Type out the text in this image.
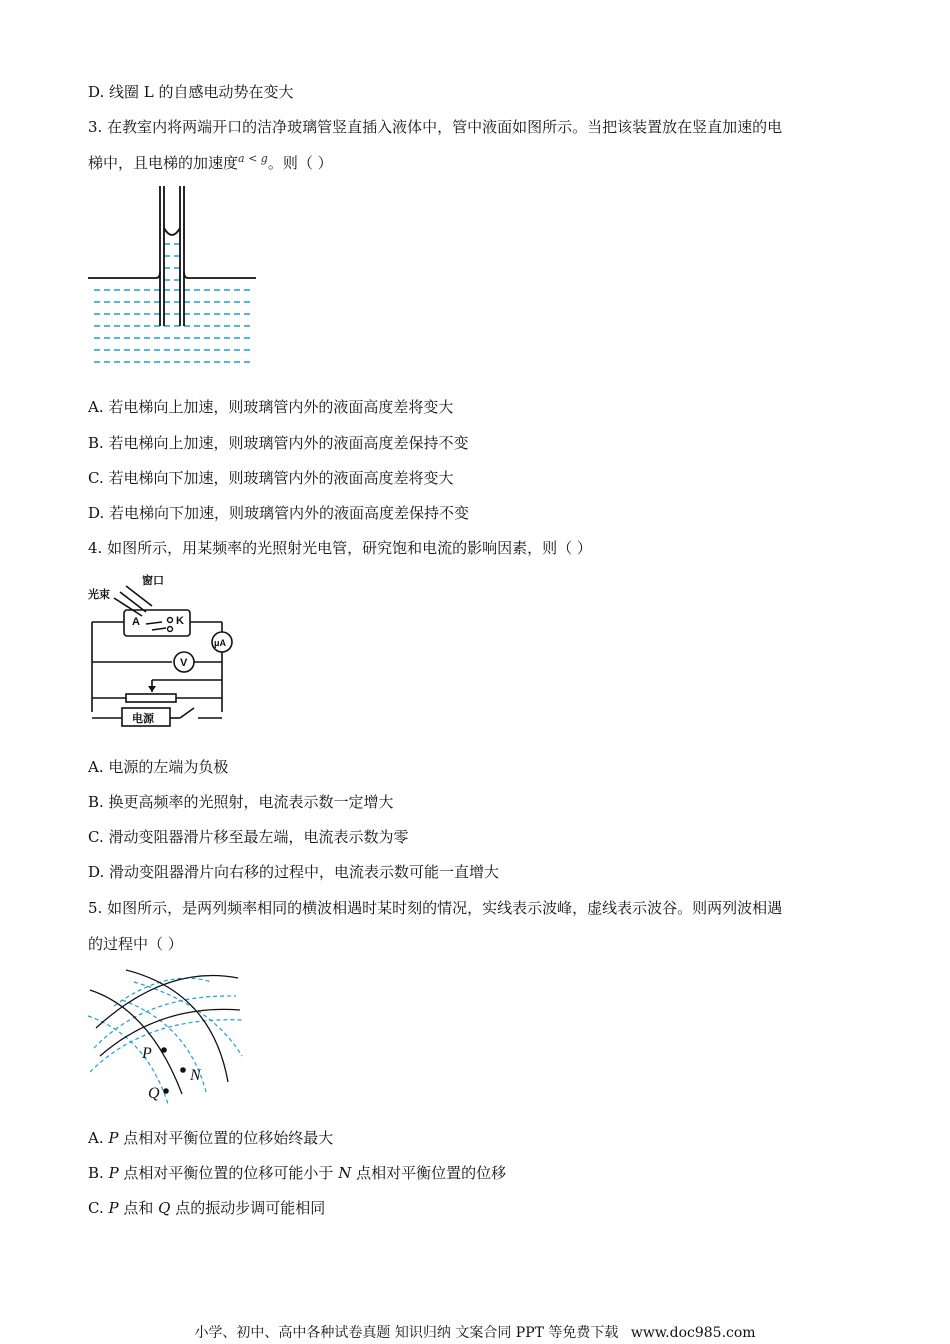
D. 线圈 L 的自感电动势在变大
3. 在教室内将两端开口的洁净玻璃管竖直插入液体中，管中液面如图所示。当把该装置放在竖直加速的电
梯中，且电梯的加速度$^{a < g}$。则（ ）
A. 若电梯向上加速，则玻璃管内外的液面高度差将变大
B. 若电梯向上加速，则玻璃管内外的液面高度差保持不变
C. 若电梯向下加速，则玻璃管内外的液面高度差将变大
D. 若电梯向下加速，则玻璃管内外的液面高度差保持不变
4. 如图所示，用某频率的光照射光电管，研究饱和电流的影响因素，则（ ）
光束
窗口
A	K
μA
V
电源
A. 电源的左端为负极
B. 换更高频率的光照射，电流表示数一定增大
C. 滑动变阻器滑片移至最左端，电流表示数为零
D. 滑动变阻器滑片向右移的过程中，电流表示数可能一直增大
5. 如图所示，是两列频率相同的横波相遇时某时刻的情况，实线表示波峰，虚线表示波谷。则两列波相遇
的过程中（ ）
P
N
Q
A. P 点相对平衡位置的位移始终最大
B. P 点相对平衡位置的位移可能小于 N 点相对平衡位置的位移
C. P 点和 Q 点的振动步调可能相同
小学、初中、高中各种试卷真题 知识归纳 文案合同 PPT 等免费下载 www.doc985.com
